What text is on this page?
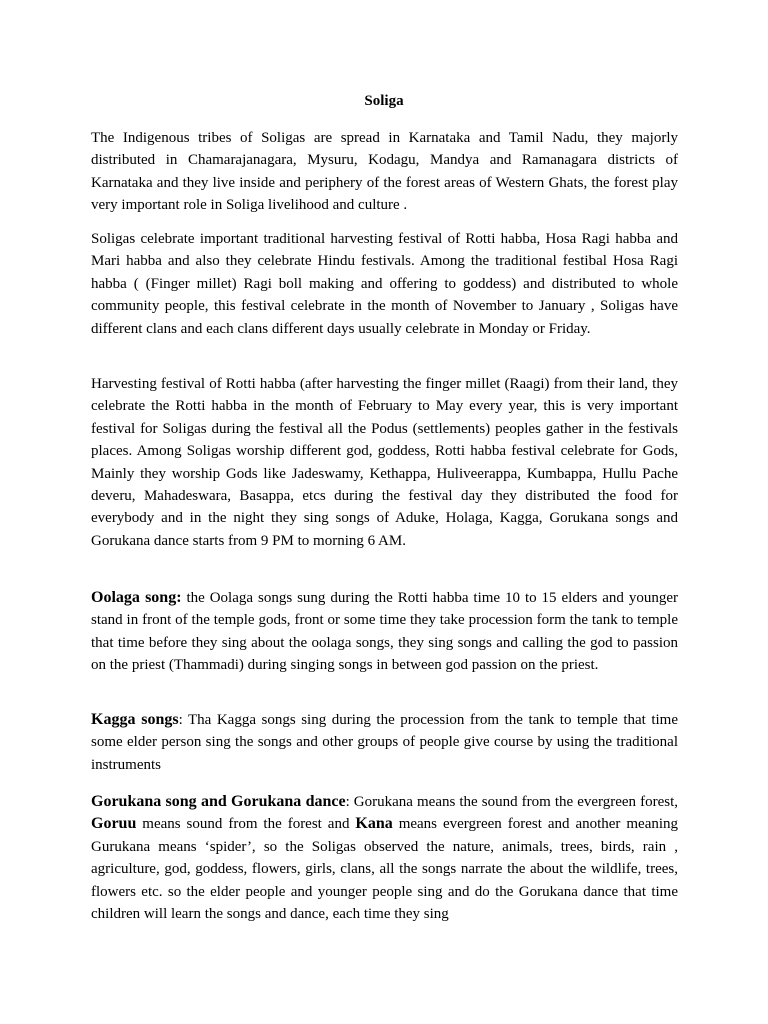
Soliga

The Indigenous tribes of Soligas are spread in Karnataka and Tamil Nadu, they majorly distributed in Chamarajanagara, Mysuru, Kodagu, Mandya and Ramanagara districts of Karnataka and they live inside and periphery of the forest areas of Western Ghats, the forest play very important role in Soliga livelihood and culture .

Soligas celebrate important traditional harvesting festival of Rotti habba, Hosa Ragi habba and Mari habba and also they celebrate Hindu festivals. Among the traditional festibal Hosa Ragi habba ( (Finger millet) Ragi boll making and offering to goddess) and distributed to whole community people, this festival celebrate in the month of November to January , Soligas have different clans and each clans different days usually celebrate in Monday or Friday.

Harvesting festival of Rotti habba (after harvesting the finger millet (Raagi) from their land, they celebrate the Rotti habba in the month of February to May every year, this is very important festival for Soligas during the festival all the Podus (settlements) peoples gather in the festivals places. Among Soligas worship different god, goddess, Rotti habba festival celebrate for Gods, Mainly they worship Gods like Jadeswamy, Kethappa, Huliveerappa, Kumbappa, Hullu Pache deveru, Mahadeswara, Basappa, etcs during the festival day they distributed the food for everybody and in the night they sing songs of Aduke, Holaga, Kagga, Gorukana songs and Gorukana dance starts from 9 PM to morning 6 AM.

Oolaga song: the Oolaga songs sung during the Rotti habba time 10 to 15 elders and younger stand in front of the temple gods, front or some time they take procession form the tank to temple that time before they sing about the oolaga songs, they sing songs and calling the god to passion on the priest (Thammadi) during singing songs in between god passion on the priest.

Kagga songs: Tha Kagga songs sing during the procession from the tank to temple that time some elder person sing the songs and other groups of people give course by using the traditional instruments

Gorukana song and Gorukana dance: Gorukana means the sound from the evergreen forest, Goruu means sound from the forest and Kana means evergreen forest and another meaning Gurukana means ‘spider’, so the Soligas observed the nature, animals, trees, birds, rain , agriculture, god, goddess, flowers, girls, clans, all the songs narrate the about the wildlife, trees, flowers etc. so the elder people and younger people sing and do the Gorukana dance that time children will learn the songs and dance, each time they sing
